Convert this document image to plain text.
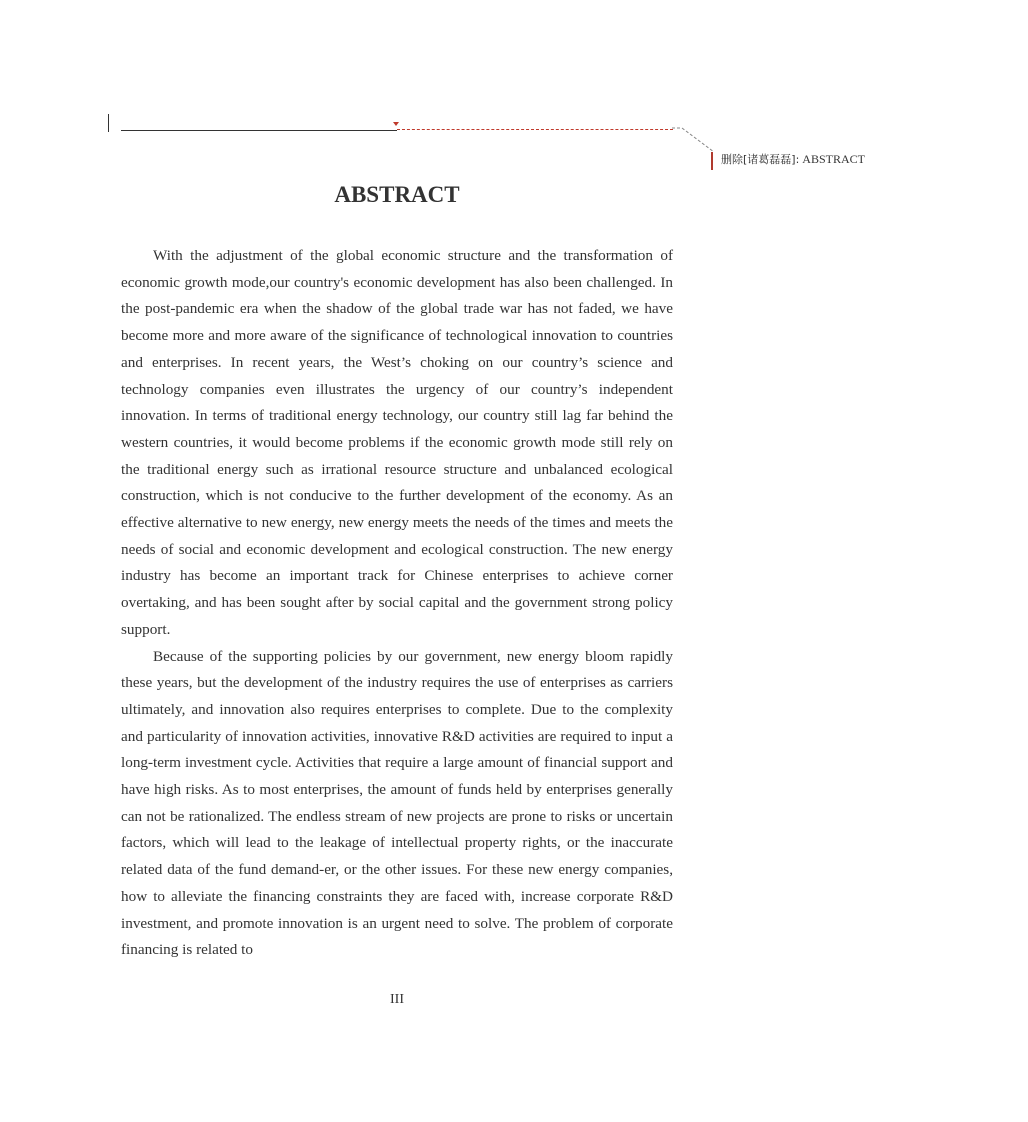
删除[诸葛磊磊]: ABSTRACT
ABSTRACT

With the adjustment of the global economic structure and the transformation of economic growth mode,our country's economic development has also been challenged. In the post-pandemic era when the shadow of the global trade war has not faded, we have become more and more aware of the significance of technological innovation to countries and enterprises. In recent years, the West’s choking on our country’s science and technology companies even illustrates the urgency of our country’s independent innovation. In terms of traditional energy technology, our country still lag far behind the western countries, it would become problems if the economic growth mode still rely on the traditional energy such as irrational resource structure and unbalanced ecological construction, which is not conducive to the further development of the economy. As an effective alternative to new energy, new energy meets the needs of the times and meets the needs of social and economic development and ecological construction. The new energy industry has become an important track for Chinese enterprises to achieve corner overtaking, and has been sought after by social capital and the government strong policy support.

Because of the supporting policies by our government, new energy bloom rapidly these years, but the development of the industry requires the use of enterprises as carriers ultimately, and innovation also requires enterprises to complete. Due to the complexity and particularity of innovation activities, innovative R&D activities are required to input a long-term investment cycle. Activities that require a large amount of financial support and have high risks. As to most enterprises, the amount of funds held by enterprises generally can not be rationalized. The endless stream of new projects are prone to risks or uncertain factors, which will lead to the leakage of intellectual property rights, or the inaccurate related data of the fund demand-er, or the other issues. For these new energy companies, how to alleviate the financing constraints they are faced with, increase corporate R&D investment, and promote innovation is an urgent need to solve. The problem of corporate financing is related to

III
